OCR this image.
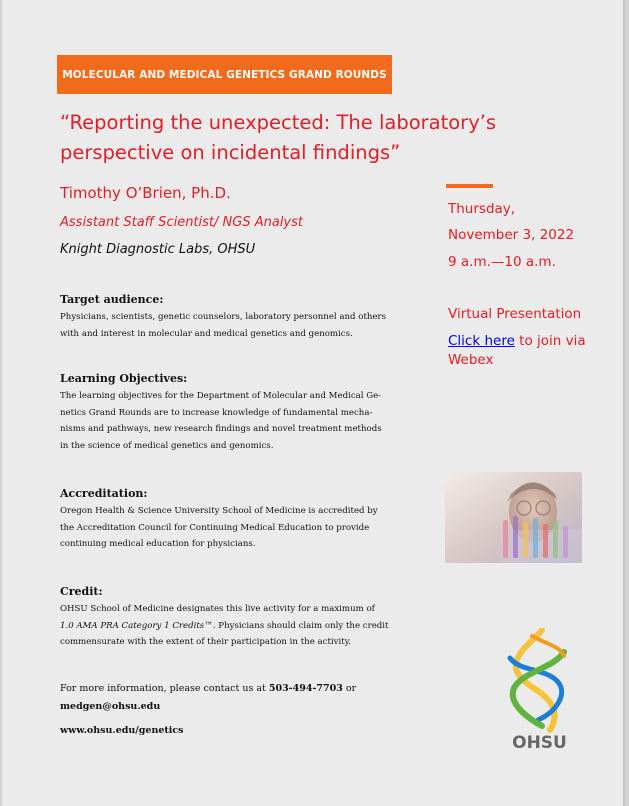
MOLECULAR AND MEDICAL GENETICS GRAND ROUNDS
“Reporting the unexpected: The laboratory’s
perspective on incidental findings”
Timothy O’Brien, Ph.D.
Assistant Staff Scientist/ NGS Analyst
Knight Diagnostic Labs, OHSU
Thursday,
November 3, 2022
9 a.m.—10 a.m.
Virtual Presentation
Click here to join via Webex
Target audience:
Physicians, scientists, genetic counselors, laboratory personnel and others
with and interest in molecular and medical genetics and genomics.
Learning Objectives:
The learning objectives for the Department of Molecular and Medical Ge-
netics Grand Rounds are to increase knowledge of fundamental mecha-
nisms and pathways, new research findings and novel treatment methods
in the science of medical genetics and genomics.
Accreditation:
Oregon Health & Science University School of Medicine is accredited by
the Accreditation Council for Continuing Medical Education to provide
continuing medical education for physicians.
Credit:
OHSU School of Medicine designates this live activity for a maximum of
1.0 AMA PRA Category 1 Credits™. Physicians should claim only the credit
commensurate with the extent of their participation in the activity.
For more information, please contact us at 503-494-7703 or
medgen@ohsu.edu
www.ohsu.edu/genetics
OHSU
